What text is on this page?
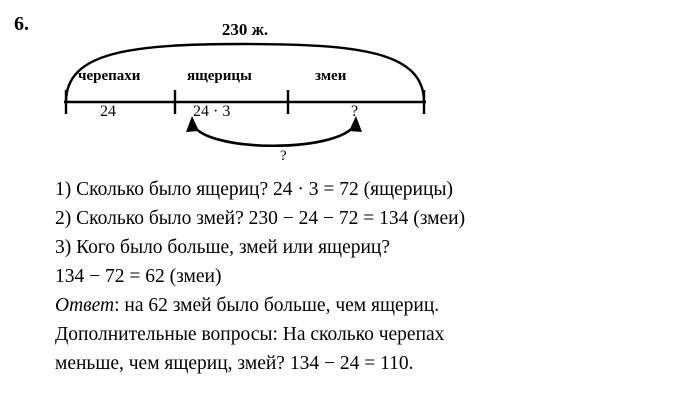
6.	230 ж.
черепахи	ящерицы	змеи
24	24 · 3	?
?
1) Сколько было ящериц? 24 · 3 = 72 (ящерицы)
2) Сколько было змей? 230 − 24 − 72 = 134 (змеи)
3) Кого было больше, змей или ящериц?
134 − 72 = 62 (змеи)
Ответ: на 62 змей было больше, чем ящериц.
Дополнительные вопросы: На сколько черепах
меньше, чем ящериц, змей? 134 − 24 = 110.
